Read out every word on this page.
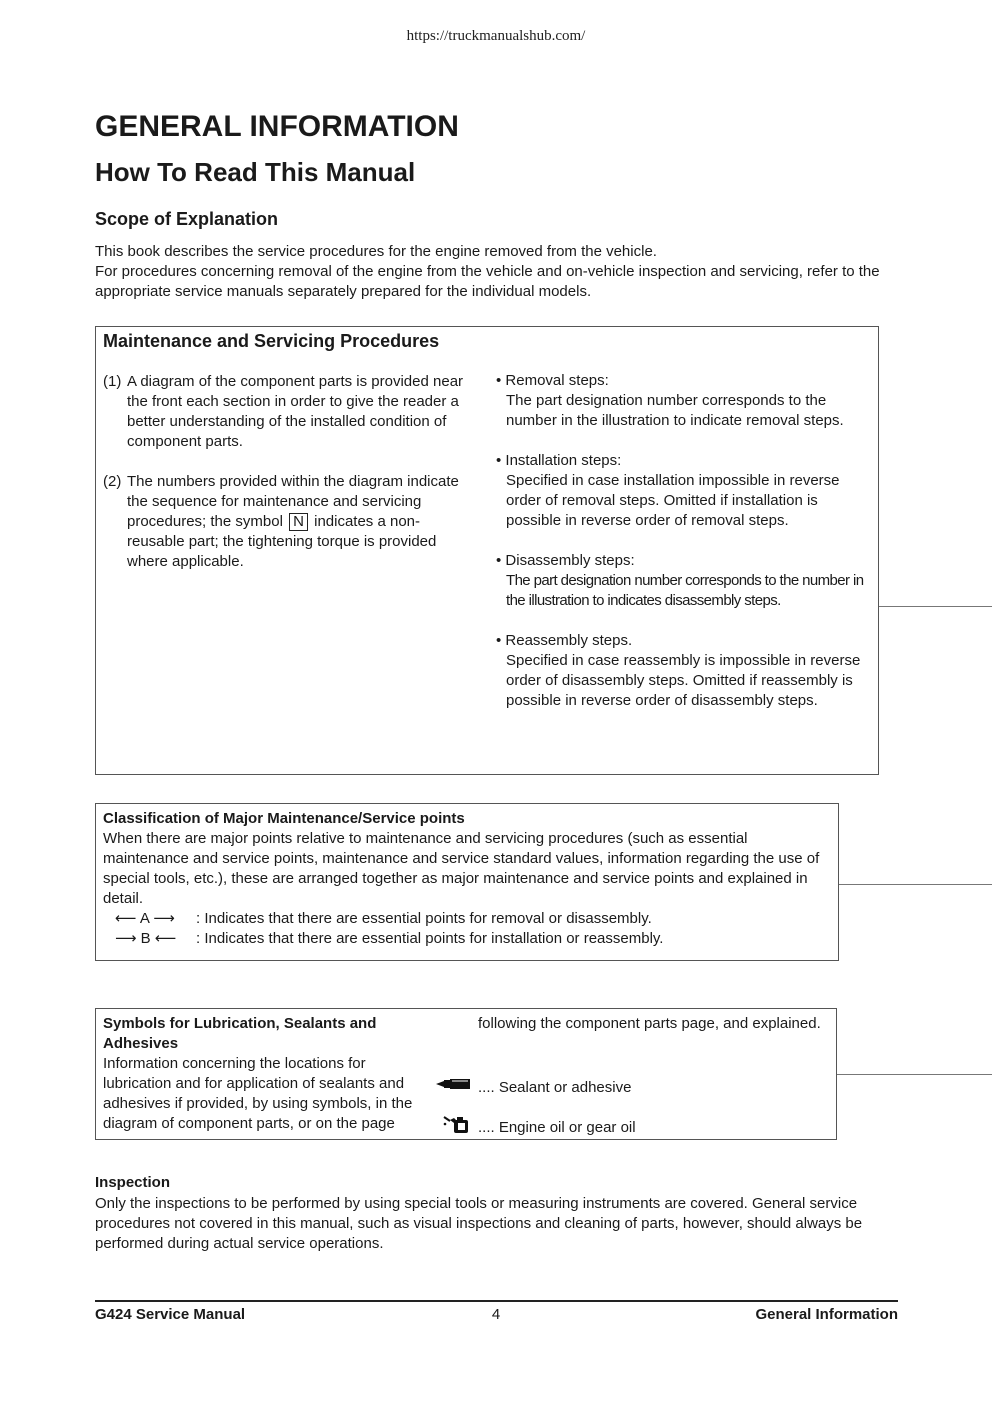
https://truckmanualshub.com/
GENERAL INFORMATION
How To Read This Manual
Scope of Explanation

This book describes the service procedures for the engine removed from the vehicle.

For procedures concerning removal of the engine from the vehicle and on-vehicle inspection and servicing, refer to the appropriate service manuals separately prepared for the individual models.

Maintenance and Servicing Procedures
(1) A diagram of the component parts is provided near the front each section in order to give the reader a better understanding of the installed condition of component parts.
(2) The numbers provided within the diagram indicate the sequence for maintenance and servicing procedures; the symbol N indicates a non-reusable part; the tightening torque is provided where applicable.
• Removal steps:
The part designation number corresponds to the number in the illustration to indicate removal steps.
• Installation steps:
Specified in case installation impossible in reverse order of removal steps. Omitted if installation is possible in reverse order of removal steps.
• Disassembly steps:
The part designation number corresponds to the number in the illustration to indicates disassembly steps.
• Reassembly steps.
Specified in case reassembly is impossible in reverse order of disassembly steps. Omitted if reassembly is possible in reverse order of disassembly steps.
Classification of Major Maintenance/Service points
When there are major points relative to maintenance and servicing procedures (such as essential maintenance and service points, maintenance and service standard values, information regarding the use of special tools, etc.), these are arranged together as major maintenance and service points and explained in detail.
⟵ A ⟶	: Indicates that there are essential points for removal or disassembly.
⟶ B ⟵	: Indicates that there are essential points for installation or reassembly.
Symbols for Lubrication, Sealants and Adhesives
Information concerning the locations for lubrication and for application of sealants and adhesives if provided, by using symbols, in the diagram of component parts, or on the page
following the component parts page, and explained.
.... Sealant or adhesive
.... Engine oil or gear oil
Inspection
Only the inspections to be performed by using special tools or measuring instruments are covered. General service procedures not covered in this manual, such as visual inspections and cleaning of parts, however, should always be performed during actual service operations.
G424 Service Manual	4	General Information
